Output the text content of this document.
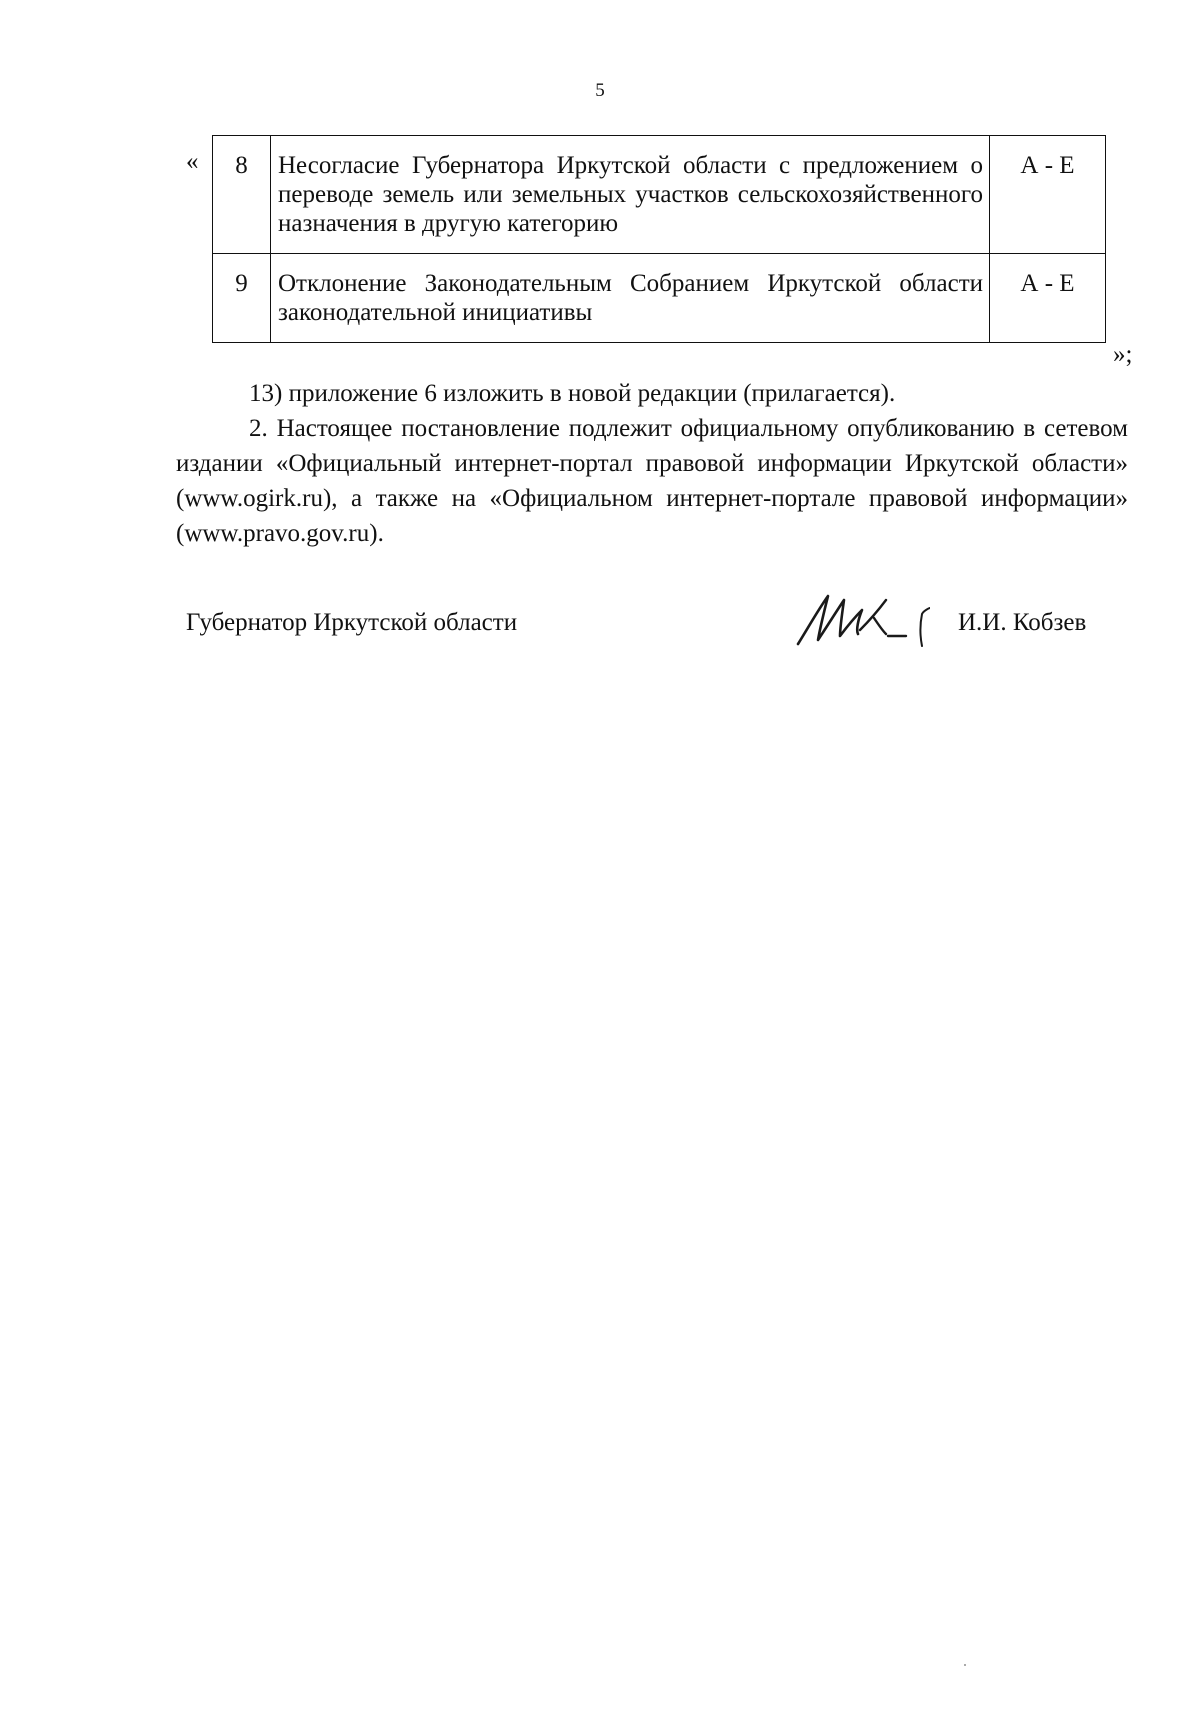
5
« 8	Несогласие Губернатора Иркутской области с предложением о переводе земель или земельных участков сельскохозяйственного назначения в другую категорию	А - Е
9	Отклонение Законодательным Собранием Иркутской области законодательной инициативы	А - Е
»;

13) приложение 6 изложить в новой редакции (прилагается).

2. Настоящее постановление подлежит официальному опубликованию в сетевом издании «Официальный интернет-портал правовой информации Иркутской области» (www.ogirk.ru), а также на «Официальном интернет-портале правовой информации» (www.pravo.gov.ru).

Губернатор Иркутской области	И.И. Кобзев
